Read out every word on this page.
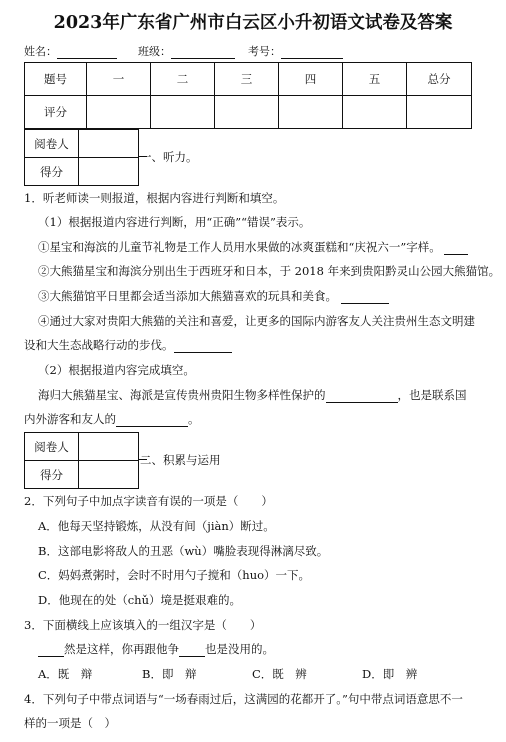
2023年广东省广州市白云区小升初语文试卷及答案
姓名：	班级：	考号：
题号	一	二	三	四	五	总分
评分						
阅卷人	
得分	
一、听力。
1．听老师读一则报道，根据内容进行判断和填空。
（1）根据报道内容进行判断，用“正确”“错误”表示。
①星宝和海滨的儿童节礼物是工作人员用水果做的冰爽蛋糕和“庆祝六一”字样。
②大熊猫星宝和海滨分别出生于西班牙和日本，于 2018 年来到贵阳黔灵山公园大熊猫馆。
③大熊猫馆平日里都会适当添加大熊猫喜欢的玩具和美食。
④通过大家对贵阳大熊猫的关注和喜爱，让更多的国际内游客友人关注贵州生态文明建
设和大生态战略行动的步伐。
（2）根据报道内容完成填空。
海归大熊猫星宝、海派是宣传贵州贵阳生物多样性保护的	，也是联系国
内外游客和友人的	。
阅卷人	
得分	
二、积累与运用
2．下列句子中加点字读音有误的一项是（　　）
A．他每天坚持锻炼，从没有间（jiàn）断过。
B．这部电影将敌人的丑恶（wù）嘴脸表现得淋漓尽致。
C．妈妈煮粥时，会时不时用勺子搅和（huo）一下。
D．他现在的处（chǔ）境是挺艰难的。
3．下面横线上应该填入的一组汉字是（　　）
然是这样，你再跟他争 也是没用的。
A．既　辩	B．即　辩	C．既　辨	D．即　辨
4．下列句子中带点词语与“一场春雨过后，这满园的花都开了。”句中带点词语意思不一
样的一项是（　）
